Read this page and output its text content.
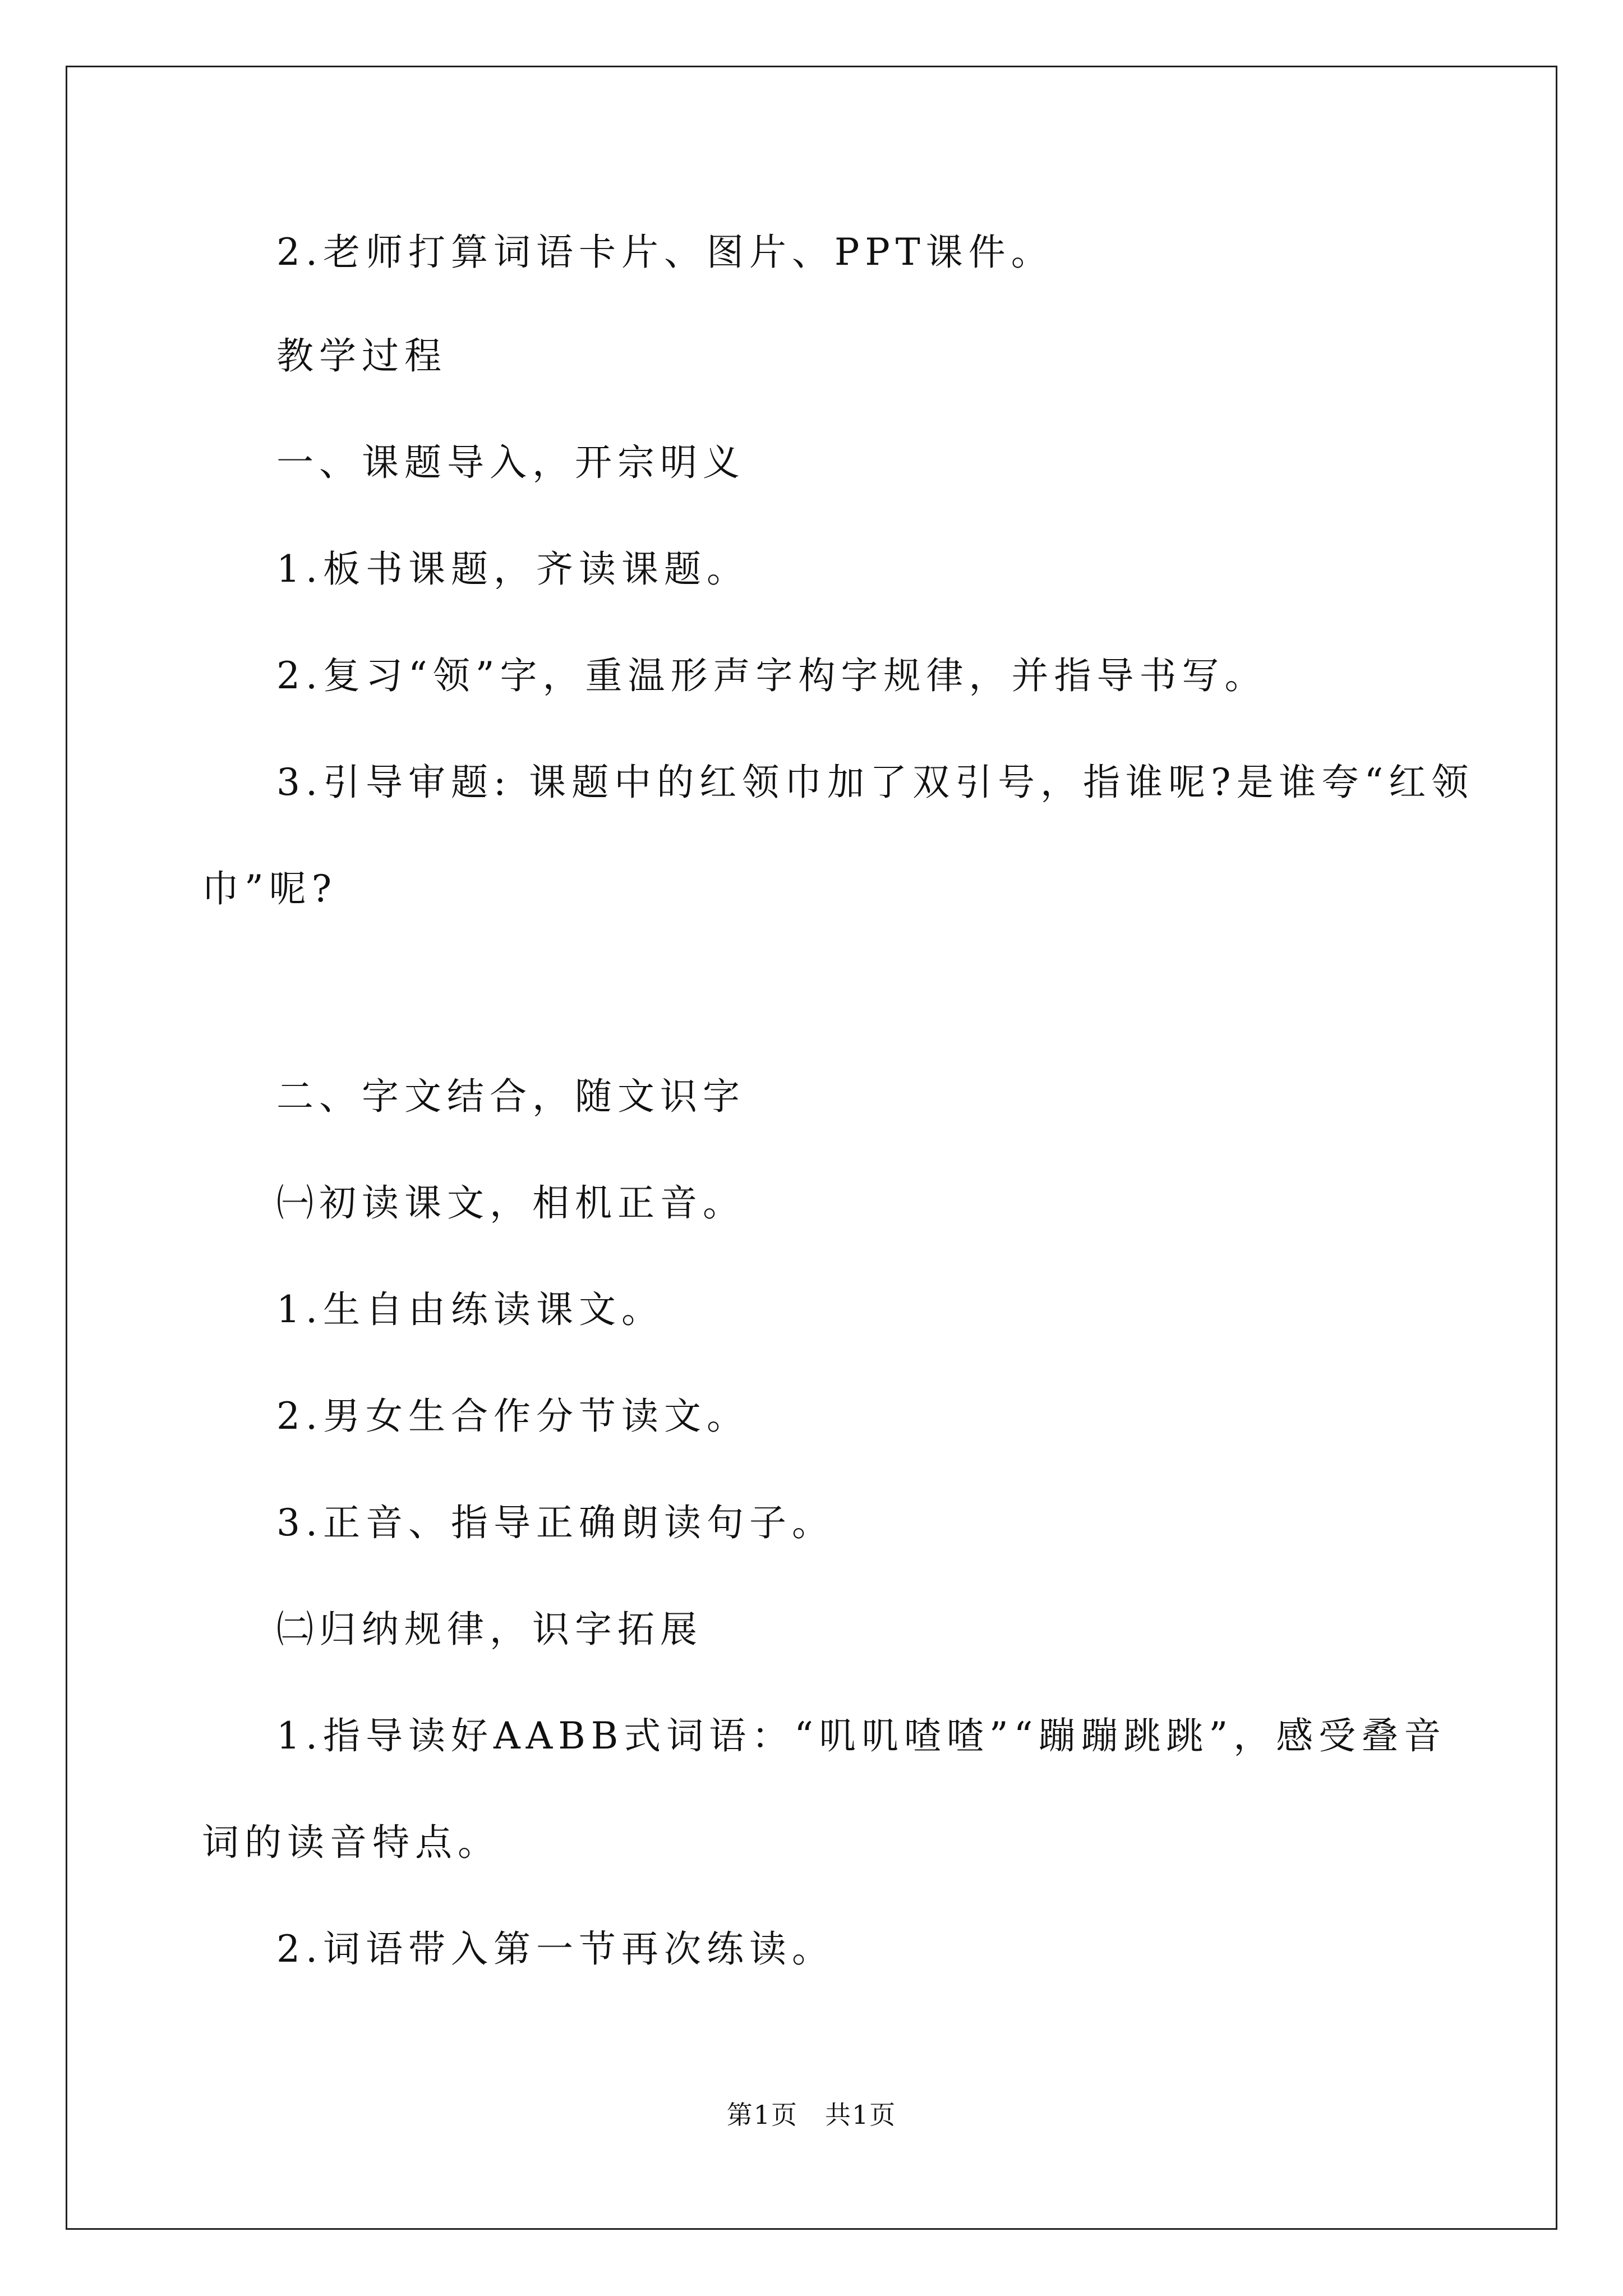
2.老师打算词语卡片、图片、PPT课件。
教学过程
一、课题导入，开宗明义
1.板书课题，齐读课题。
2.复习“领”字，重温形声字构字规律，并指导书写。
3.引导审题: 课题中的红领巾加了双引号，指谁呢?是谁夸“红领
巾”呢?
二、字文结合，随文识字
㈠初读课文，相机正音。
1.生自由练读课文。
2.男女生合作分节读文。
3.正音、指导正确朗读句子。
㈡归纳规律，识字拓展
1.指导读好AABB式词语：“叽叽喳喳”“蹦蹦跳跳”，感受叠音
词的读音特点。
2.词语带入第一节再次练读。
第1页　共1页
